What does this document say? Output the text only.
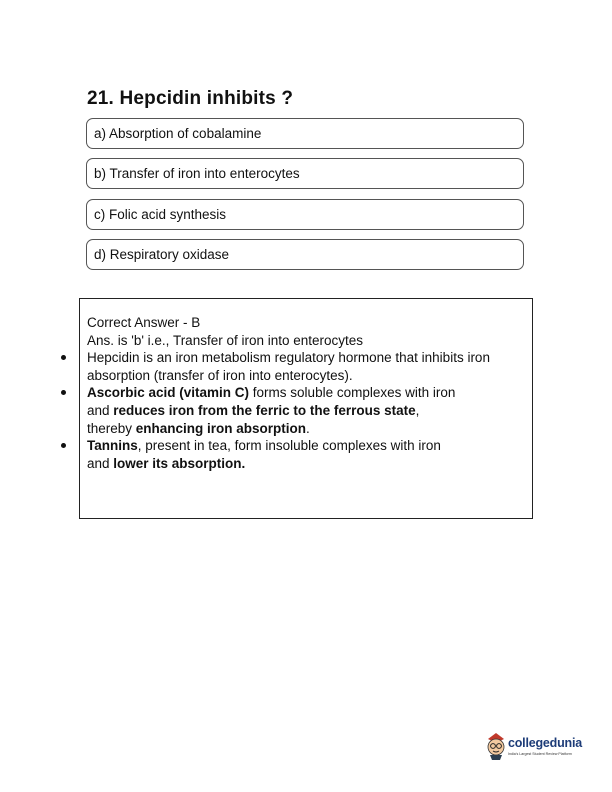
21. Hepcidin inhibits ?
a) Absorption of cobalamine
b) Transfer of iron into enterocytes
c) Folic acid synthesis
d) Respiratory oxidase
Correct Answer - B
Ans. is 'b' i.e., Transfer of iron into enterocytes
Hepcidin is an iron metabolism regulatory hormone that inhibits iron
absorption (transfer of iron into enterocytes).
Ascorbic acid (vitamin C) forms soluble complexes with iron
and reduces iron from the ferric to the ferrous state,
thereby enhancing iron absorption.
Tannins, present in tea, form insoluble complexes with iron
and lower its absorption.
collegedunia
India's Largest Student Review Platform
